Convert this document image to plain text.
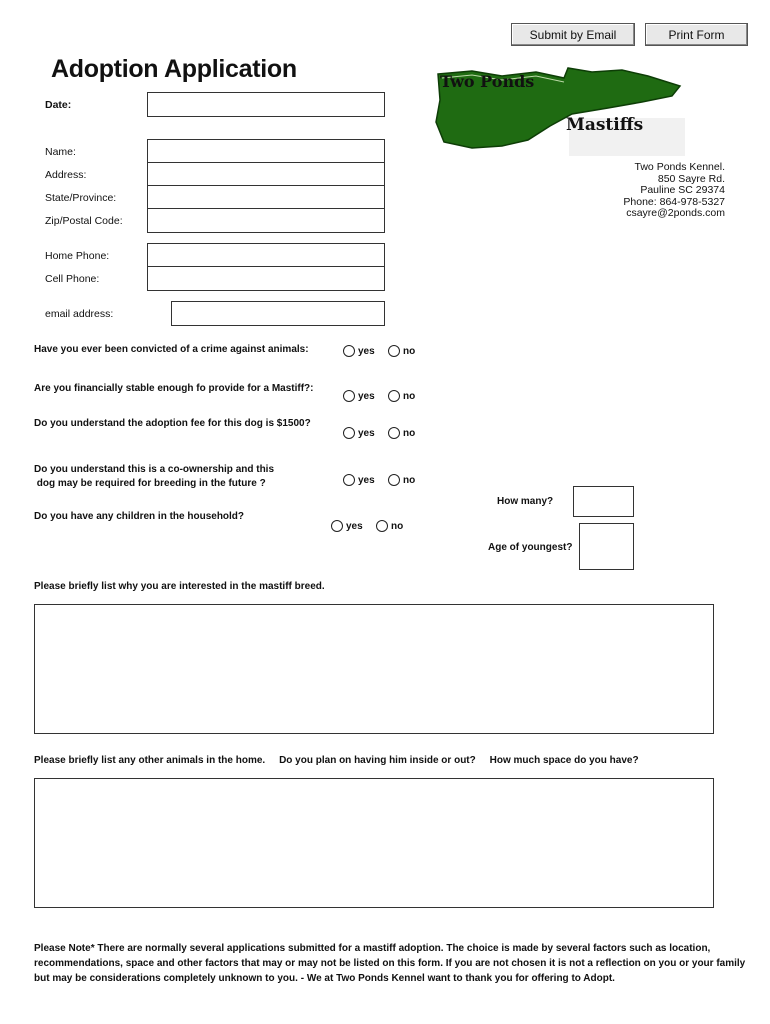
Submit by Email	Print Form
Adoption Application	Two Ponds
Mastiffs
Two Ponds Kennel.
850 Sayre Rd.
Pauline SC 29374
Phone: 864-978-5327
csayre@2ponds.com
Date:
Name:
Address:
State/Province:
Zip/Postal Code:
Home Phone:
Cell Phone:
email address:
Have you ever been convicted of a crime against animals:	yes	no
Are you financially stable enough fo provide for a Mastiff?:
yes	no
Do you understand the adoption fee for this dog is $1500?
yes	no
Do you understand this is a co-ownership and this
dog may be required for breeding in the future ?	yes	no
Do you have any children in the household?
yes	no
How many?
Age of youngest?
Please briefly list why you are interested in the mastiff breed.
Please briefly list any other animals in the home.     Do you plan on having him inside or out?     How much space do you have?
Please Note* There are normally several applications submitted for a mastiff adoption. The choice is made by several factors such as location, recommendations, space and other factors that may or may not be listed on this form. If you are not chosen it is not a reflection on you or your family but may be considerations completely unknown to you. - We at Two Ponds Kennel want to thank you for offering to Adopt.
